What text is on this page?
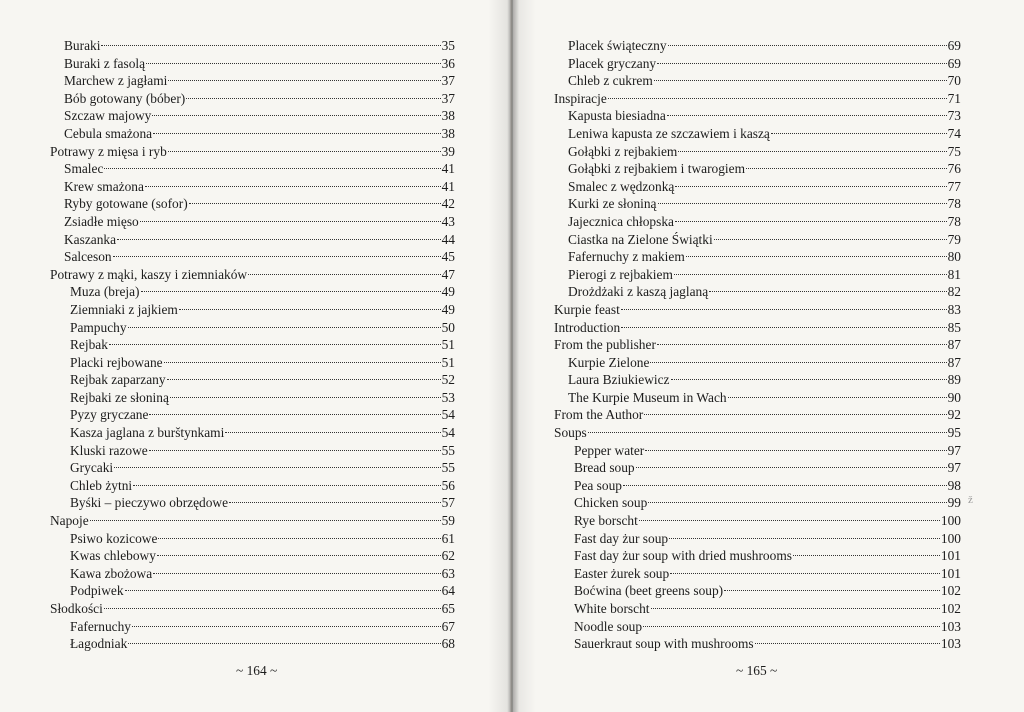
Buraki	35
Buraki z fasolą	36
Marchew z jagłami	37
Bób gotowany (bóber)	37
Szczaw majowy	38
Cebula smażona	38
Potrawy z mięsa i ryb	39
Smalec	41
Krew smażona	41
Ryby gotowane (sofor)	42
Zsiadłe mięso	43
Kaszanka	44
Salceson	45
Potrawy z mąki, kaszy i ziemniaków	47
Muza (breja)	49
Ziemniaki z jajkiem	49
Pampuchy	50
Rejbak	51
Placki rejbowane	51
Rejbak zaparzany	52
Rejbaki ze słoniną	53
Pyzy gryczane	54
Kasza jaglana z burštynkami	54
Kluski razowe	55
Grycaki	55
Chleb żytni	56
Byśki – pieczywo obrzędowe	57
Napoje	59
Psiwo kozicowe	61
Kwas chlebowy	62
Kawa zbożowa	63
Podpiwek	64
Słodkości	65
Fafernuchy	67
Łagodniak	68
~ 164 ~
Placek świąteczny	69
Placek gryczany	69
Chleb z cukrem	70
Inspiracje	71
Kapusta biesiadna	73
Leniwa kapusta ze szczawiem i kaszą	74
Gołąbki z rejbakiem	75
Gołąbki z rejbakiem i twarogiem	76
Smalec z wędzonką	77
Kurki ze słoniną	78
Jajecznica chłopska	78
Ciastka na Zielone Świątki	79
Fafernuchy z makiem	80
Pierogi z rejbakiem	81
Drożdżaki z kaszą jaglaną	82
Kurpie feast	83
Introduction	85
From the publisher	87
Kurpie Zielone	87
Laura Bziukiewicz	89
The Kurpie Museum in Wach	90
From the Author	92
Soups	95
Pepper water	97
Bread soup	97
Pea soup	98
Chicken soup	99
Rye borscht	100
Fast day żur soup	100
Fast day żur soup with dried mushrooms	101
Easter żurek soup	101
Boćwina (beet greens soup)	102
White borscht	102
Noodle soup	103
Sauerkraut soup with mushrooms	103
~ 165 ~
ž
